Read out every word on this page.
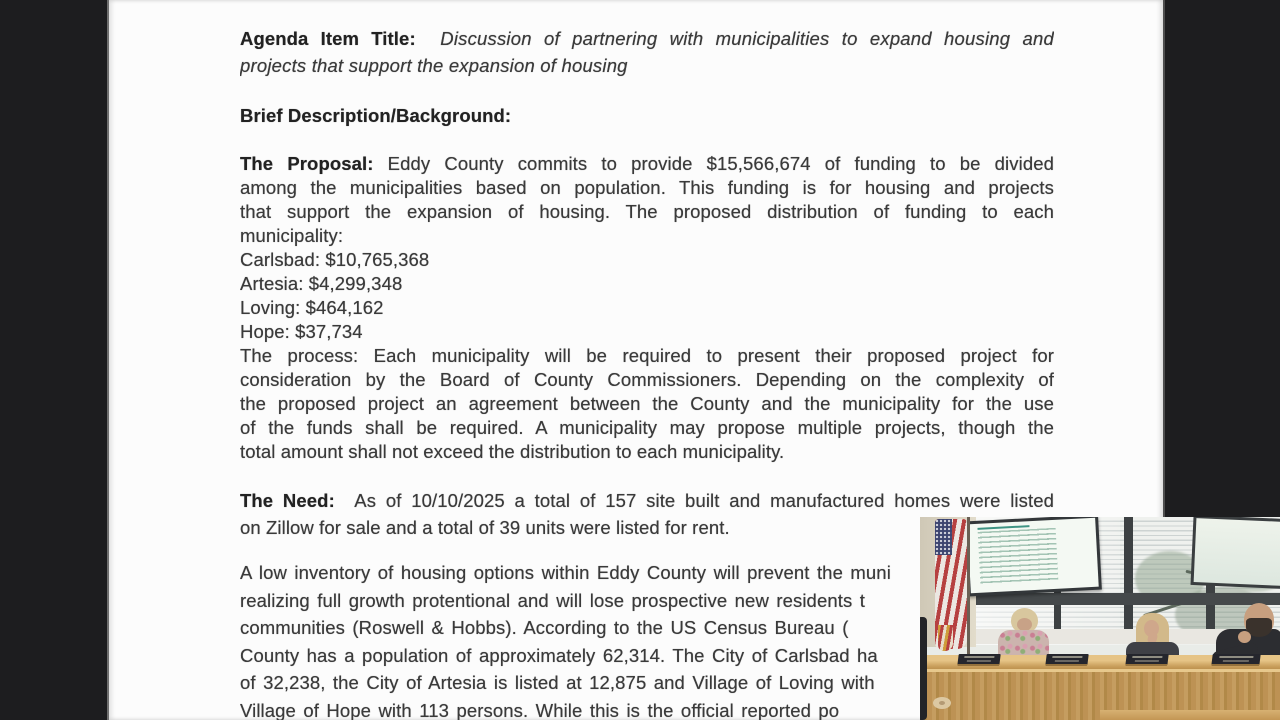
Agenda Item Title:  Discussion of partnering with municipalities to expand housing and
projects that support the expansion of housing
Brief Description/Background:
The Proposal: Eddy County commits to provide $15,566,674 of funding to be divided
among the municipalities based on population. This funding is for housing and projects
that support the expansion of housing. The proposed distribution of funding to each
municipality:
Carlsbad: $10,765,368
Artesia: $4,299,348
Loving: $464,162
Hope: $37,734
The process: Each municipality will be required to present their proposed project for
consideration by the Board of County Commissioners. Depending on the complexity of
the proposed project an agreement between the County and the municipality for the use
of the funds shall be required. A municipality may propose multiple projects, though the
total amount shall not exceed the distribution to each municipality.
The Need:  As of 10/10/2025 a total of 157 site built and manufactured homes were listed
on Zillow for sale and a total of 39 units were listed for rent.
A low inventory of housing options within Eddy County will prevent the muni
realizing full growth protentional and will lose prospective new residents t
communities (Roswell & Hobbs). According to the US Census Bureau (
County has a population of approximately 62,314. The City of Carlsbad ha
of 32,238, the City of Artesia is listed at 12,875 and Village of Loving with
Village of Hope with 113 persons. While this is the official reported po
